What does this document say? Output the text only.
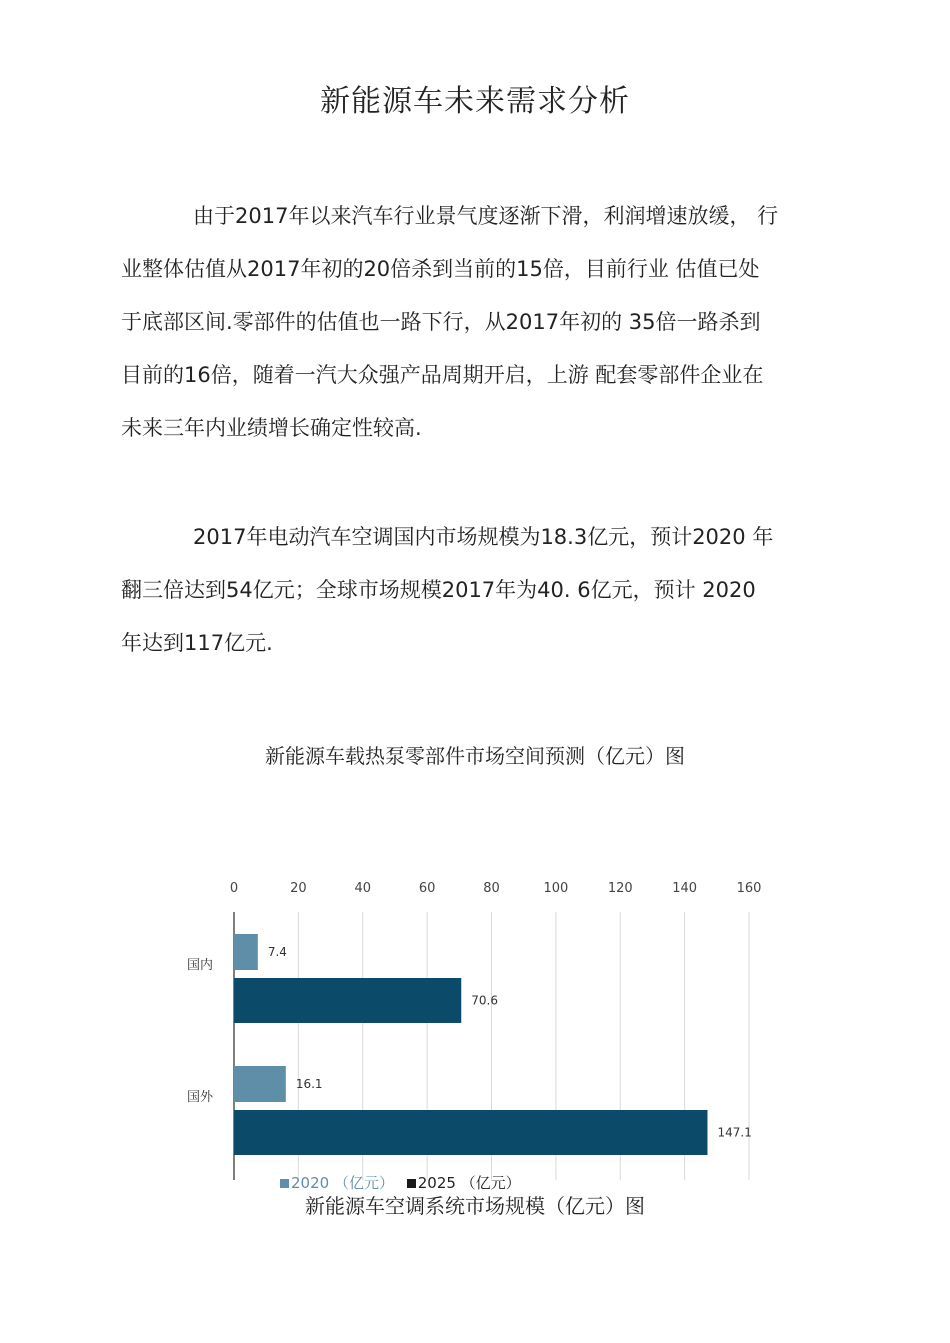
新能源车未来需求分析
由于2017年以来汽车行业景气度逐渐下滑，利润增速放缓， 行
业整体估值从2017年初的20倍杀到当前的15倍，目前行业 估值已处
于底部区间.零部件的估值也一路下行，从2017年初的 35倍一路杀到
目前的16倍，随着一汽大众强产品周期开启，上游 配套零部件企业在
未来三年内业绩增长确定性较高.
2017年电动汽车空调国内市场规模为18.3亿元，预计2020 年
翻三倍达到54亿元；全球市场规模2017年为40. 6亿元，预计 2020
年达到117亿元.
新能源车载热泵零部件市场空间预测（亿元）图
0	20	40	60	80	100	120	140	160
国内
7.4
70.6
国外
16.1
147.1
2020 （亿元） 2025 （亿元）
新能源车空调系统市场规模（亿元）图
